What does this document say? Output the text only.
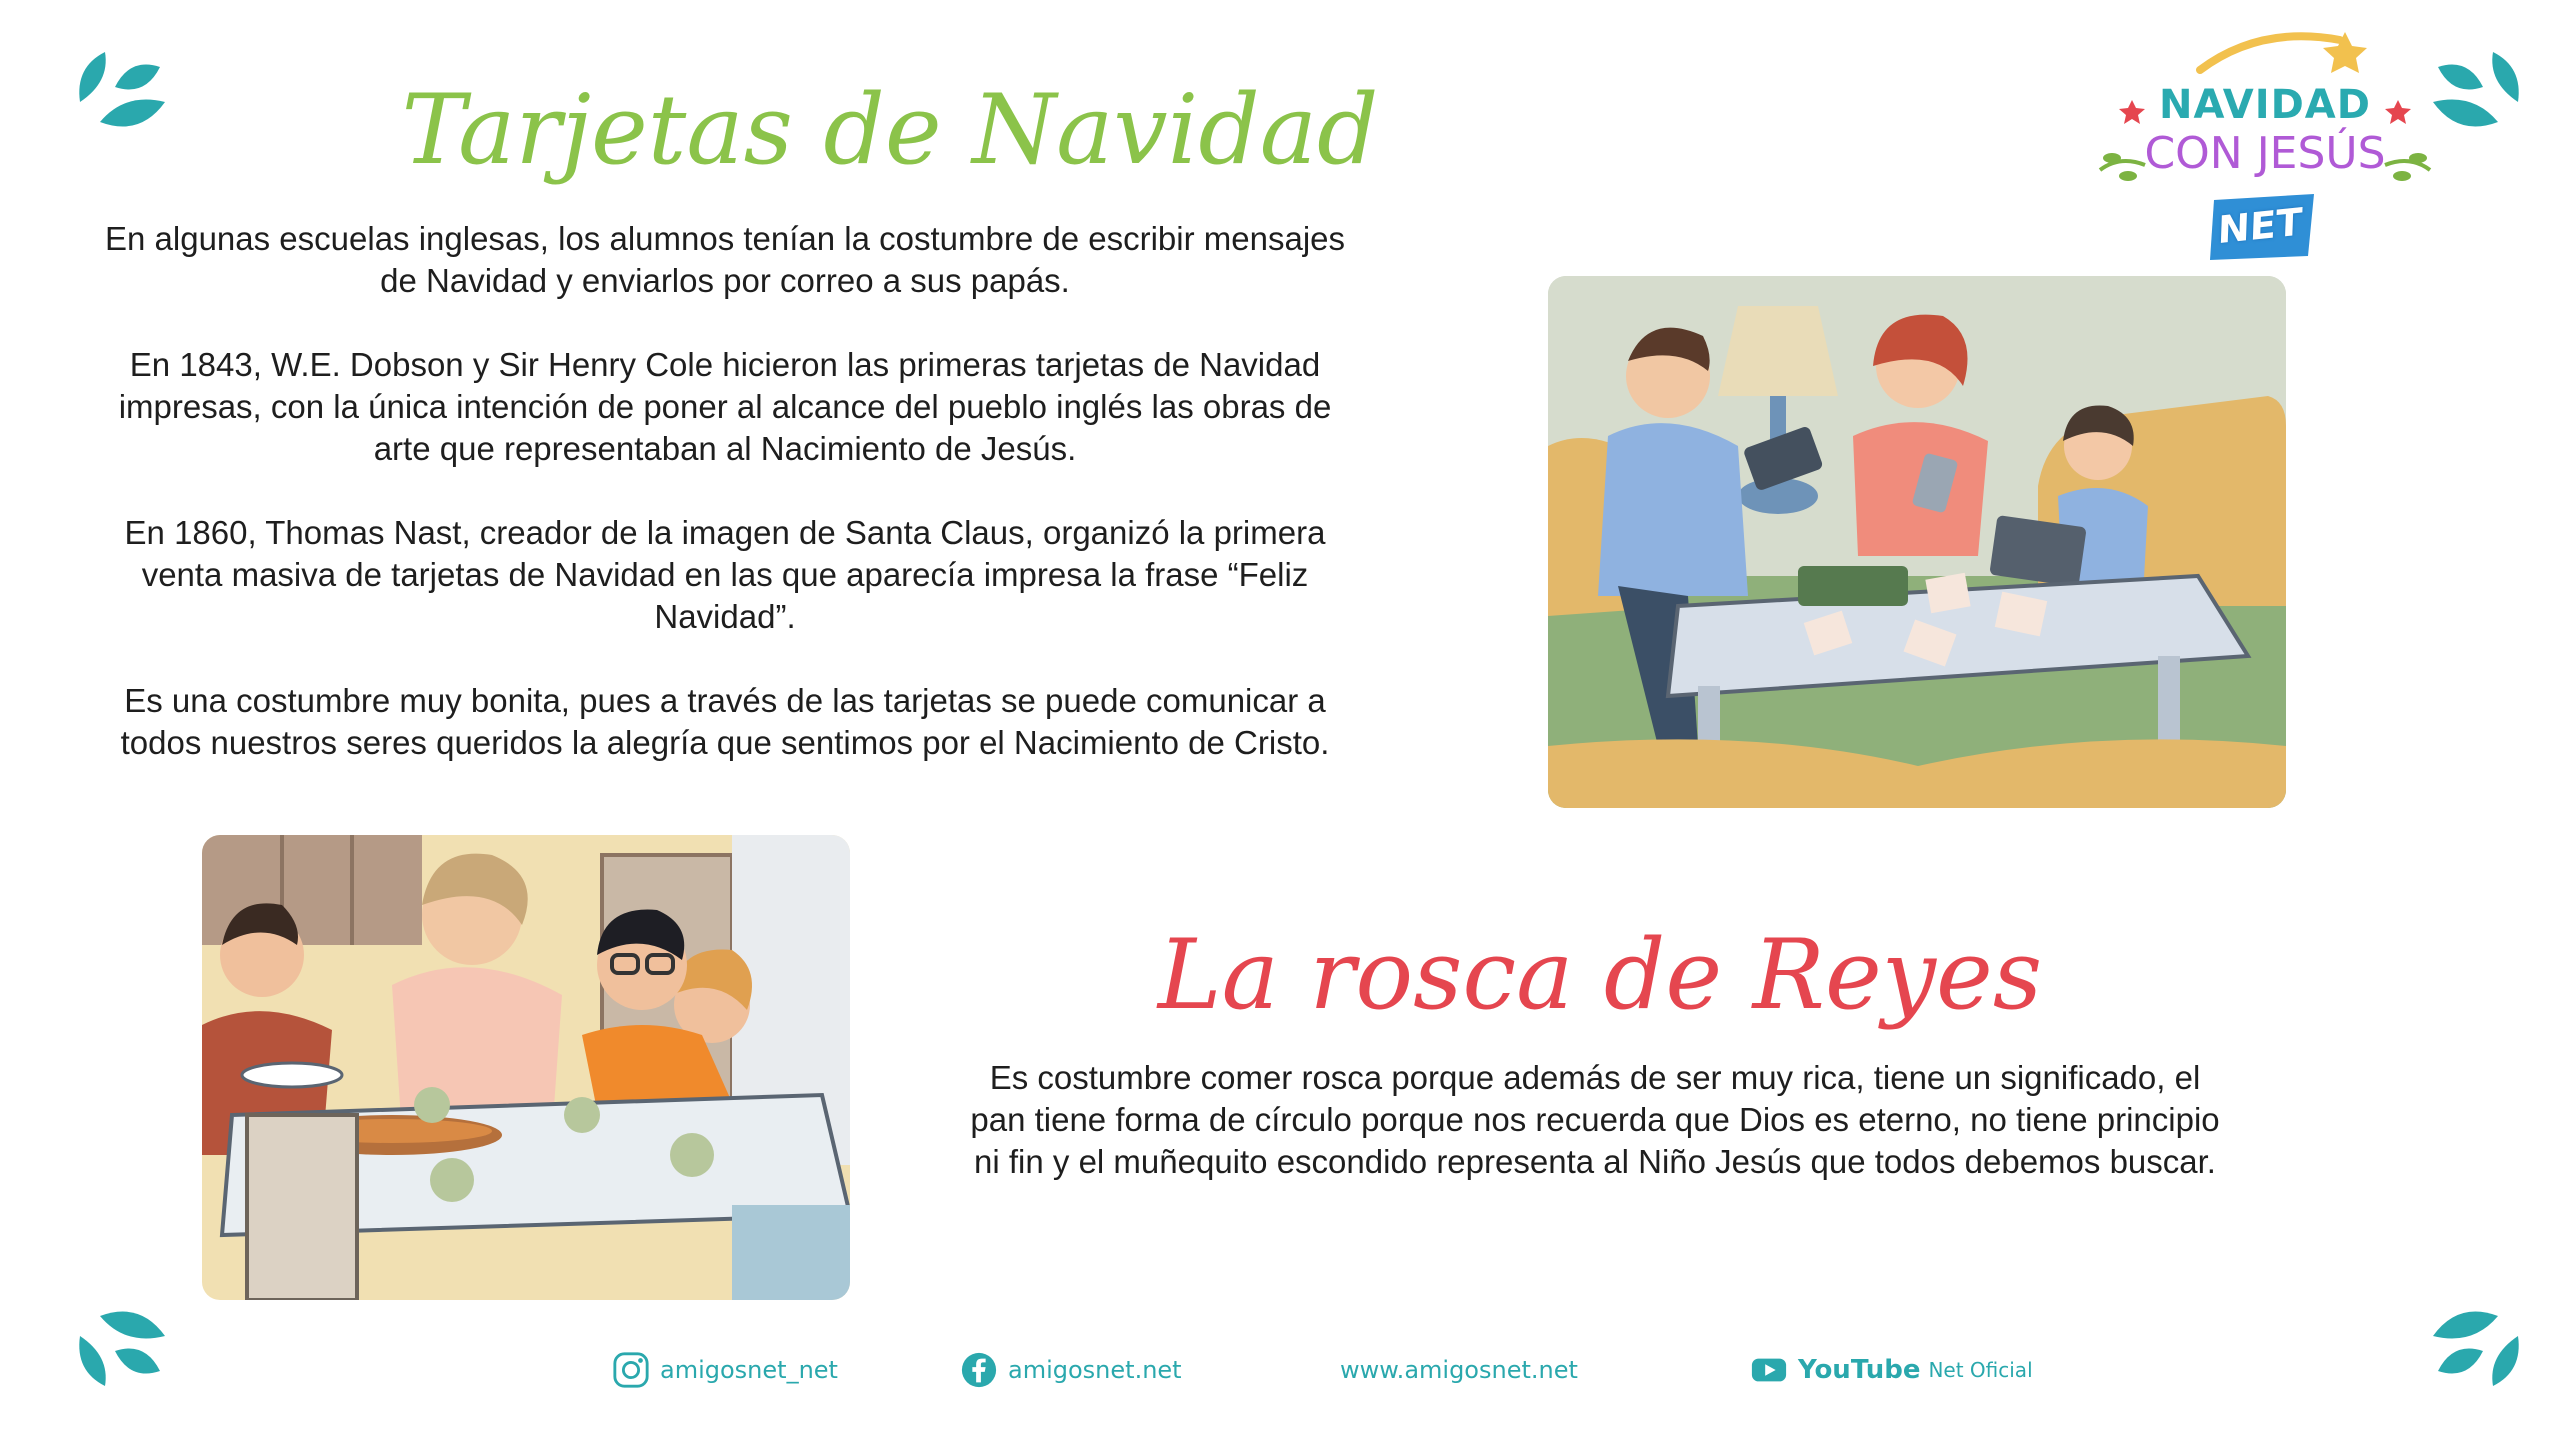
NAVIDAD
CON JESÚS
NET
Tarjetas de Navidad

En algunas escuelas inglesas, los alumnos tenían la costumbre de escribir mensajes de Navidad y enviarlos por correo a sus papás.

En 1843, W.E. Dobson y Sir Henry Cole hicieron las primeras tarjetas de Navidad impresas, con la única intención de poner al alcance del pueblo inglés las obras de arte que representaban al Nacimiento de Jesús.

En 1860, Thomas Nast, creador de la imagen de Santa Claus, organizó la primera venta masiva de tarjetas de Navidad en las que aparecía impresa la frase “Feliz Navidad”.

Es una costumbre muy bonita, pues a través de las tarjetas se puede comunicar a todos nuestros seres queridos la alegría que sentimos por el Nacimiento de Cristo.

La rosca de Reyes

Es costumbre comer rosca porque además de ser muy rica, tiene un significado, el pan tiene forma de círculo porque nos recuerda que Dios es eterno, no tiene principio ni fin y el muñequito escondido representa al Niño Jesús que todos debemos buscar.

amigosnet_net	amigosnet.net	www.amigosnet.net	YouTube Net Oficial
